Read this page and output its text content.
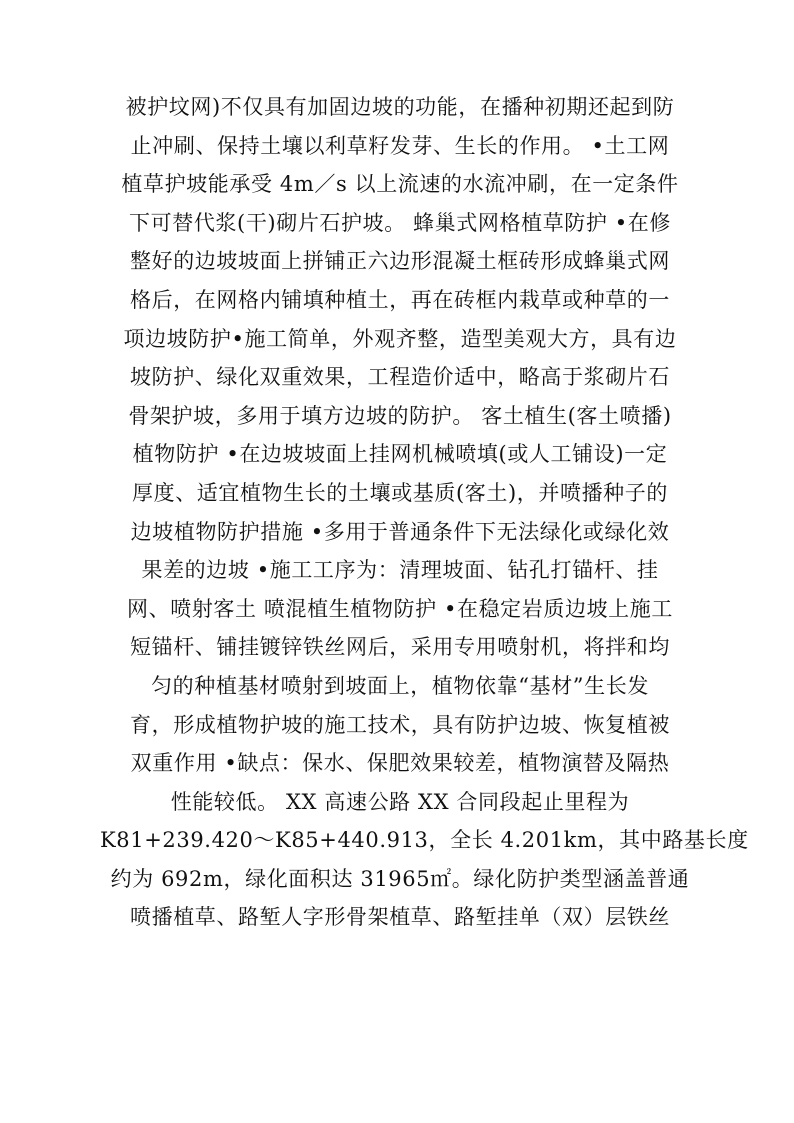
被护坟网)不仅具有加固边坡的功能，在播种初期还起到防
止冲刷、保持土壤以利草籽发芽、生长的作用。 •土工网
植草护坡能承受 4m／s 以上流速的水流冲刷，在一定条件
下可替代浆(干)砌片石护坡。 蜂巢式网格植草防护 •在修
整好的边坡坡面上拼铺正六边形混凝土框砖形成蜂巢式网
格后，在网格内铺填种植土，再在砖框内栽草或种草的一
项边坡防护•施工简单，外观齐整，造型美观大方，具有边
坡防护、绿化双重效果，工程造价适中，略高于浆砌片石
骨架护坡，多用于填方边坡的防护。 客土植生(客土喷播)
植物防护 •在边坡坡面上挂网机械喷填(或人工铺设)一定
厚度、适宜植物生长的土壤或基质(客土)，并喷播种子的
边坡植物防护措施 •多用于普通条件下无法绿化或绿化效
果差的边坡 •施工工序为：清理坡面、钻孔打锚杆、挂
网、喷射客土 喷混植生植物防护 •在稳定岩质边坡上施工
短锚杆、铺挂镀锌铁丝网后，采用专用喷射机，将拌和均
匀的种植基材喷射到坡面上，植物依靠“基材”生长发
育，形成植物护坡的施工技术，具有防护边坡、恢复植被
双重作用 •缺点：保水、保肥效果较差，植物演替及隔热
性能较低。 XX 高速公路 XX 合同段起止里程为
K81+239.420～K85+440.913，全长 4.201km，其中路基长度
约为 692m，绿化面积达 31965㎡。绿化防护类型涵盖普通
喷播植草、路堑人字形骨架植草、路堑挂单（双）层铁丝
